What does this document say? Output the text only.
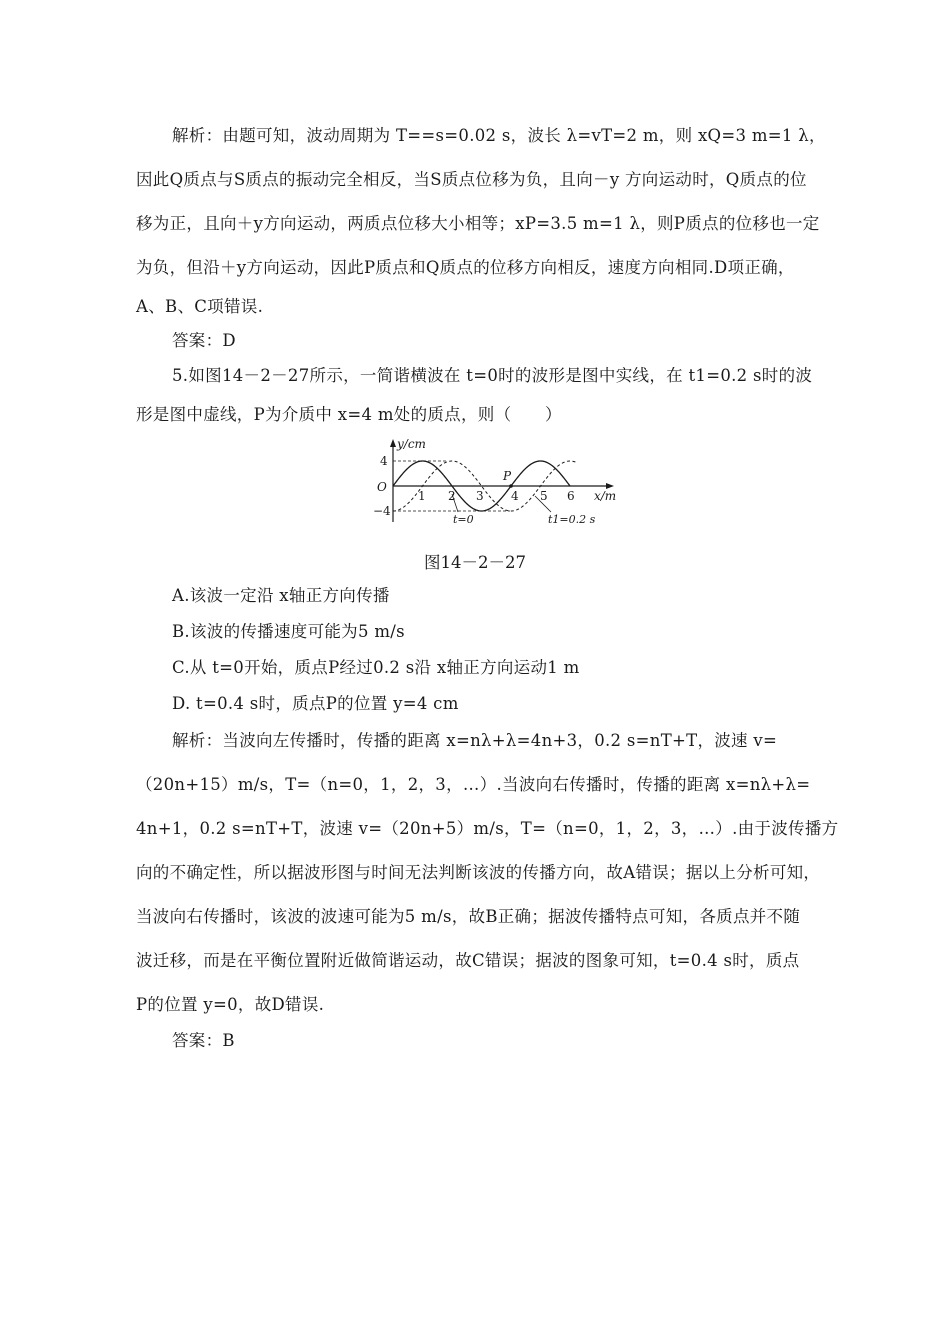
解析：由题可知，波动周期为 T==s=0.02 s，波长 λ=vT=2 m，则 xQ=3 m=1 λ，
因此Q质点与S质点的振动完全相反，当S质点位移为负，且向－y 方向运动时，Q质点的位
移为正，且向＋y方向运动，两质点位移大小相等；xP=3.5 m=1 λ，则P质点的位移也一定
为负，但沿＋y方向运动，因此P质点和Q质点的位移方向相反，速度方向相同.D项正确，
A、B、C项错误.
答案：D
5.如图14－2－27所示，一简谐横波在 t=0时的波形是图中实线，在 t1=0.2 s时的波
形是图中虚线，P为介质中 x=4 m处的质点，则（　　）
y/cm
x/m
O
4
−4
1 2 3 4 5 6
P
t=0	t1=0.2 s
图14－2－27
A.该波一定沿 x轴正方向传播
B.该波的传播速度可能为5 m/s
C.从 t=0开始，质点P经过0.2 s沿 x轴正方向运动1 m
D. t=0.4 s时，质点P的位置 y=4 cm
解析：当波向左传播时，传播的距离 x=nλ+λ=4n+3，0.2 s=nT+T，波速 v=
（20n+15）m/s，T=（n=0，1，2，3，…）.当波向右传播时，传播的距离 x=nλ+λ=
4n+1，0.2 s=nT+T，波速 v=（20n+5）m/s，T=（n=0，1，2，3，…）.由于波传播方
向的不确定性，所以据波形图与时间无法判断该波的传播方向，故A错误；据以上分析可知，
当波向右传播时，该波的波速可能为5 m/s，故B正确；据波传播特点可知，各质点并不随
波迁移，而是在平衡位置附近做简谐运动，故C错误；据波的图象可知，t=0.4 s时，质点
P的位置 y=0，故D错误.
答案：B
